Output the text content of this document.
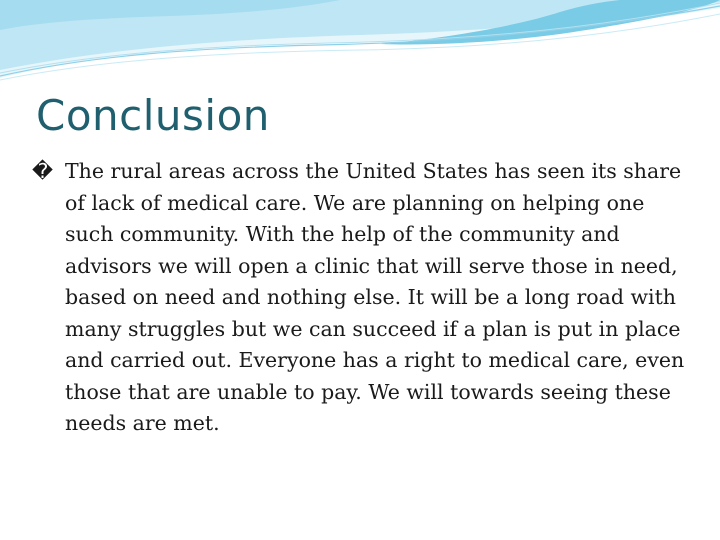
Conclusion

� The rural areas across the United States has seen its share of lack of medical care. We are planning on helping one such community. With the help of the community and advisors we will open a clinic that will serve those in need, based on need and nothing else. It will be a long road with many struggles but we can succeed if a plan is put in place and carried out. Everyone has a right to medical care, even those that are unable to pay. We will towards seeing these needs are met.
